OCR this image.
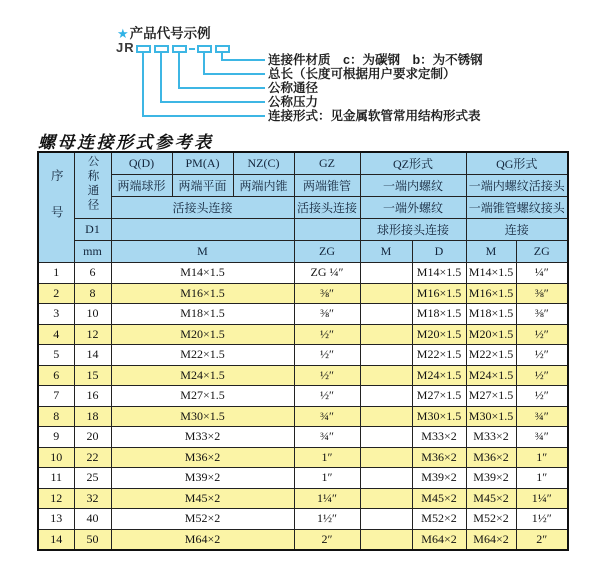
★产品代号示例
JR
连接件材质　c：为碳钢　b：为不锈钢
总长（长度可根据用户要求定制）
公称通径
公称压力
连接形式：见金属软管常用结构形式表
螺母连接形式参考表
序号	公称通径	Q(D)	PM(A)	NZ(C)	GZ	QZ形式		QG形式	
		两端球形	两端平面	两端内锥	两端锥管	一端内螺纹		一端内螺纹活接头	
		活接头连接			活接头连接	一端外螺纹		一端锥管螺纹接头	
	D1					球形接头连接		连接	
	mm	M			ZG	M	D	M	ZG
1	6	M14×1.5			ZG ¼″		M14×1.5	M14×1.5	¼″
2	8	M16×1.5			⅜″		M16×1.5	M16×1.5	⅜″
3	10	M18×1.5			⅜″		M18×1.5	M18×1.5	⅜″
4	12	M20×1.5			½″		M20×1.5	M20×1.5	½″
5	14	M22×1.5			½″		M22×1.5	M22×1.5	½″
6	15	M24×1.5			½″		M24×1.5	M24×1.5	½″
7	16	M27×1.5			½″		M27×1.5	M27×1.5	½″
8	18	M30×1.5			¾″		M30×1.5	M30×1.5	¾″
9	20	M33×2			¾″		M33×2	M33×2	¾″
10	22	M36×2			1″		M36×2	M36×2	1″
11	25	M39×2			1″		M39×2	M39×2	1″
12	32	M45×2			1¼″		M45×2	M45×2	1¼″
13	40	M52×2			1½″		M52×2	M52×2	1½″
14	50	M64×2			2″		M64×2	M64×2	2″
